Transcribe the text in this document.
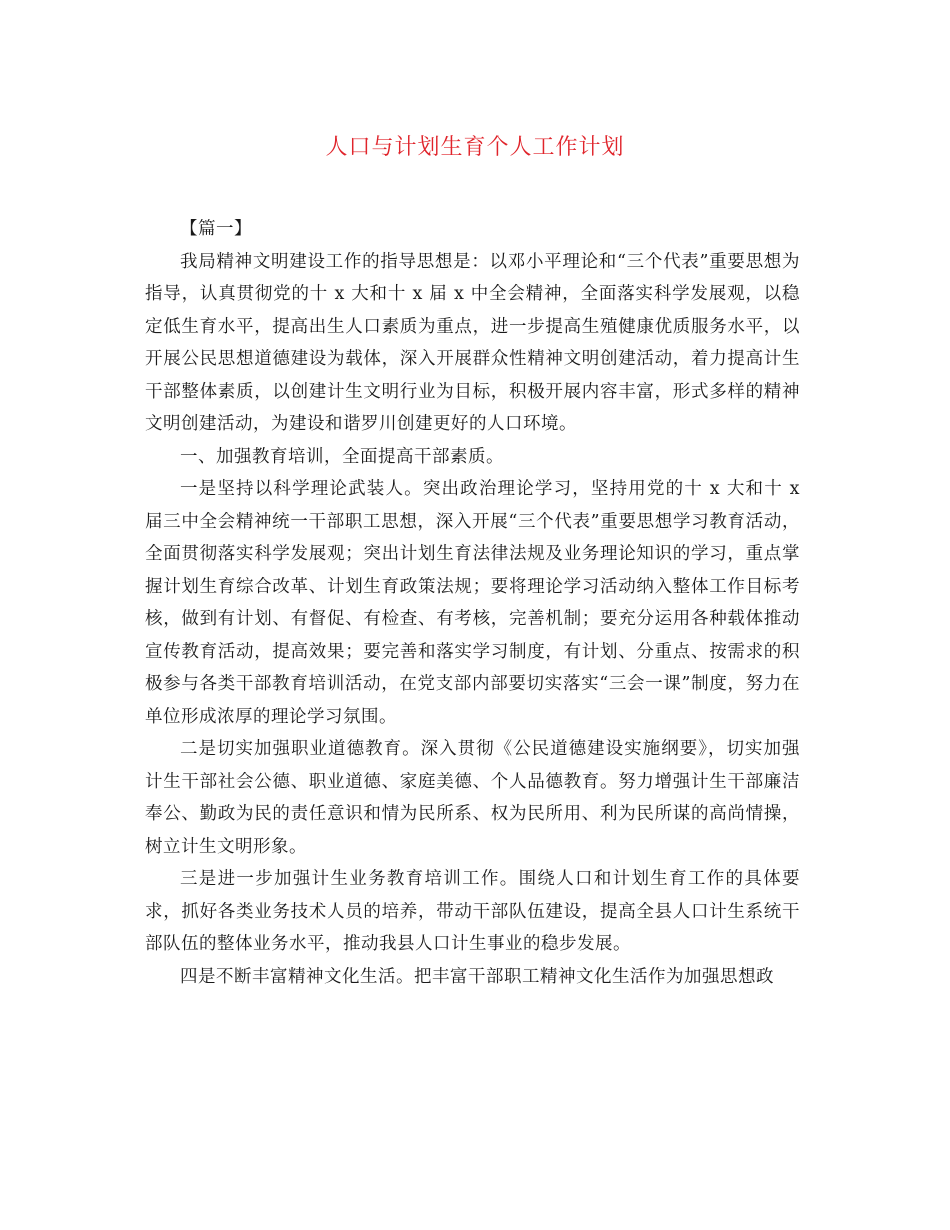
人口与计划生育个人工作计划

【篇一】

我局精神文明建设工作的指导思想是：以邓小平理论和“三个代表”重要思想为指导，认真贯彻党的十 x 大和十 x 届 x 中全会精神，全面落实科学发展观，以稳定低生育水平，提高出生人口素质为重点，进一步提高生殖健康优质服务水平，以开展公民思想道德建设为载体，深入开展群众性精神文明创建活动，着力提高计生干部整体素质，以创建计生文明行业为目标，积极开展内容丰富，形式多样的精神文明创建活动，为建设和谐罗川创建更好的人口环境。

一、加强教育培训，全面提高干部素质。

一是坚持以科学理论武装人。突出政治理论学习，坚持用党的十 x 大和十 x 届三中全会精神统一干部职工思想，深入开展“三个代表”重要思想学习教育活动，全面贯彻落实科学发展观；突出计划生育法律法规及业务理论知识的学习，重点掌握计划生育综合改革、计划生育政策法规；要将理论学习活动纳入整体工作目标考核，做到有计划、有督促、有检查、有考核，完善机制；要充分运用各种载体推动宣传教育活动，提高效果；要完善和落实学习制度，有计划、分重点、按需求的积极参与各类干部教育培训活动，在党支部内部要切实落实“三会一课”制度，努力在单位形成浓厚的理论学习氛围。

二是切实加强职业道德教育。深入贯彻《公民道德建设实施纲要》，切实加强计生干部社会公德、职业道德、家庭美德、个人品德教育。努力增强计生干部廉洁奉公、勤政为民的责任意识和情为民所系、权为民所用、利为民所谋的高尚情操，树立计生文明形象。

三是进一步加强计生业务教育培训工作。围绕人口和计划生育工作的具体要求，抓好各类业务技术人员的培养，带动干部队伍建设，提高全县人口计生系统干部队伍的整体业务水平，推动我县人口计生事业的稳步发展。

四是不断丰富精神文化生活。把丰富干部职工精神文化生活作为加强思想政
